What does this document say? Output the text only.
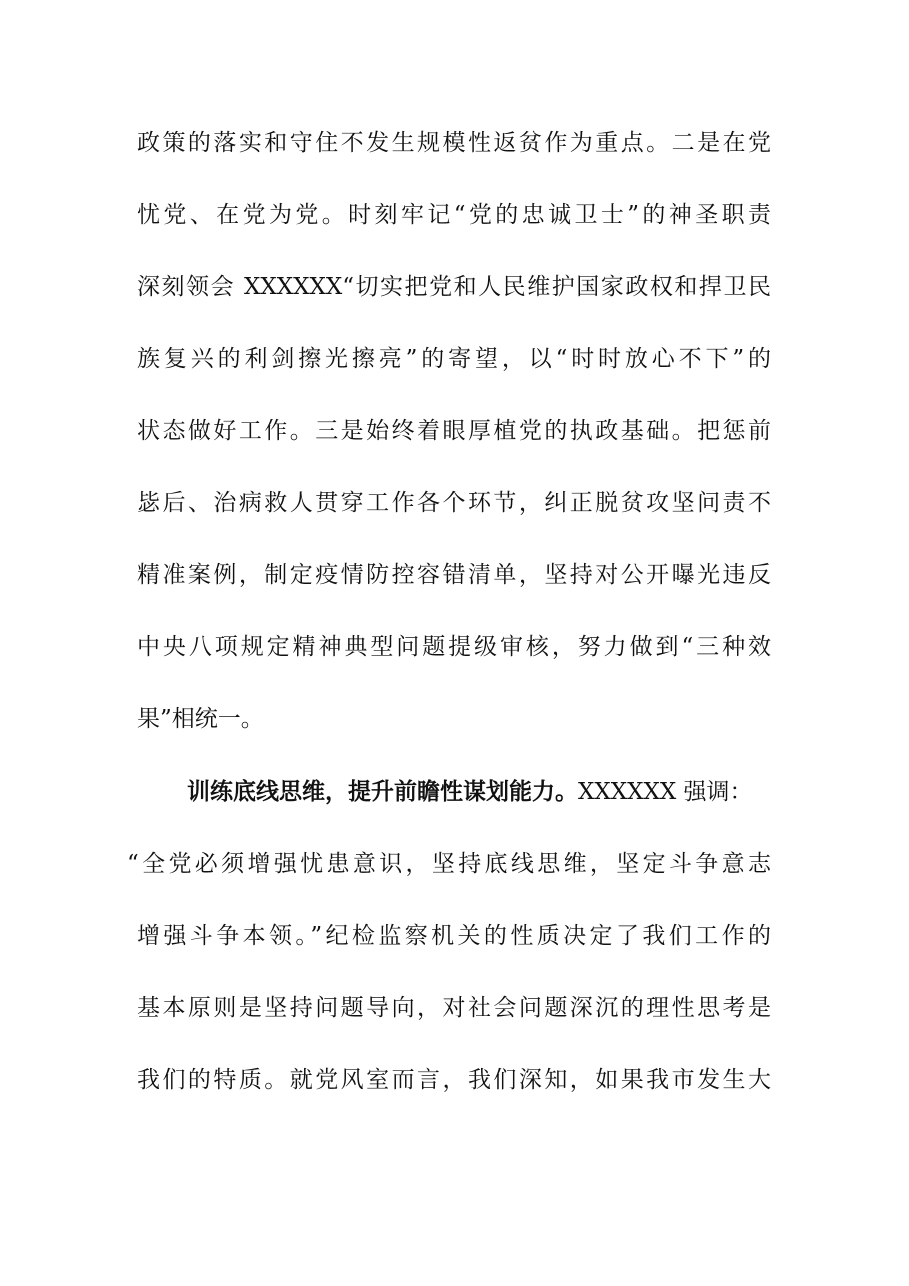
政策的落实和守住不发生规模性返贫作为重点。二是在党
忧党、在党为党。时刻牢记“党的忠诚卫士”的神圣职责
深刻领会 XXXXXX“切实把党和人民维护国家政权和捍卫民
族复兴的利剑擦光擦亮”的寄望，以“时时放心不下”的
状态做好工作。三是始终着眼厚植党的执政基础。把惩前
毖后、治病救人贯穿工作各个环节，纠正脱贫攻坚问责不
精准案例，制定疫情防控容错清单，坚持对公开曝光违反
中央八项规定精神典型问题提级审核，努力做到“三种效
果”相统一。
训练底线思维，提升前瞻性谋划能力。XXXXXX 强调：
“全党必须增强忧患意识，坚持底线思维，坚定斗争意志
增强斗争本领。”纪检监察机关的性质决定了我们工作的
基本原则是坚持问题导向，对社会问题深沉的理性思考是
我们的特质。就党风室而言，我们深知，如果我市发生大
